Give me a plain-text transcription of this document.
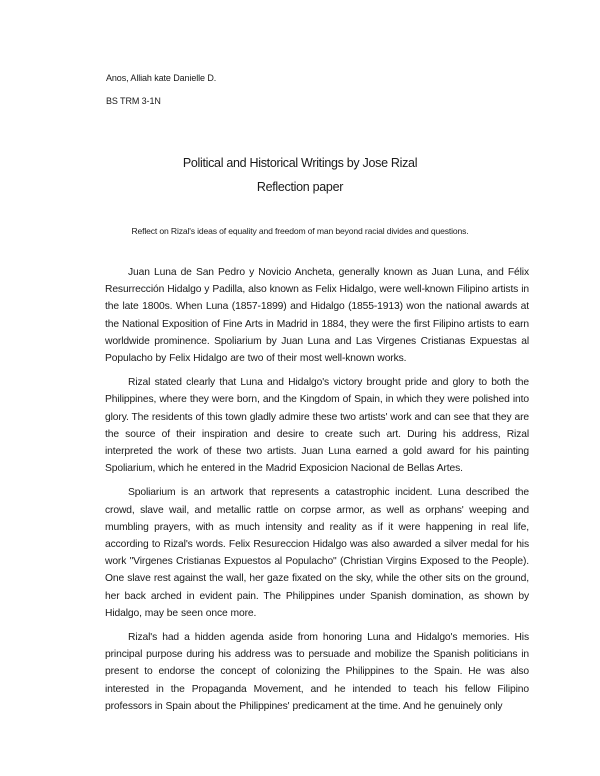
Anos, Alliah kate Danielle D.
BS TRM 3-1N
Political and Historical Writings by Jose Rizal
Reflection paper
Reflect on Rizal's ideas of equality and freedom of man beyond racial divides and questions.

Juan Luna de San Pedro y Novicio Ancheta, generally known as Juan Luna, and Félix Resurrección Hidalgo y Padilla, also known as Felix Hidalgo, were well-known Filipino artists in the late 1800s. When Luna (1857-1899) and Hidalgo (1855-1913) won the national awards at the National Exposition of Fine Arts in Madrid in 1884, they were the first Filipino artists to earn worldwide prominence. Spoliarium by Juan Luna and Las Virgenes Cristianas Expuestas al Populacho by Felix Hidalgo are two of their most well-known works.

Rizal stated clearly that Luna and Hidalgo's victory brought pride and glory to both the Philippines, where they were born, and the Kingdom of Spain, in which they were polished into glory. The residents of this town gladly admire these two artists' work and can see that they are the source of their inspiration and desire to create such art. During his address, Rizal interpreted the work of these two artists. Juan Luna earned a gold award for his painting Spoliarium, which he entered in the Madrid Exposicion Nacional de Bellas Artes.

Spoliarium is an artwork that represents a catastrophic incident. Luna described the crowd, slave wail, and metallic rattle on corpse armor, as well as orphans' weeping and mumbling prayers, with as much intensity and reality as if it were happening in real life, according to Rizal's words. Felix Resureccion Hidalgo was also awarded a silver medal for his work "Virgenes Cristianas Expuestos al Populacho" (Christian Virgins Exposed to the People). One slave rest against the wall, her gaze fixated on the sky, while the other sits on the ground, her back arched in evident pain. The Philippines under Spanish domination, as shown by Hidalgo, may be seen once more.

Rizal's had a hidden agenda aside from honoring Luna and Hidalgo's memories. His principal purpose during his address was to persuade and mobilize the Spanish politicians in present to endorse the concept of colonizing the Philippines to the Spain. He was also interested in the Propaganda Movement, and he intended to teach his fellow Filipino professors in Spain about the Philippines' predicament at the time. And he genuinely only
